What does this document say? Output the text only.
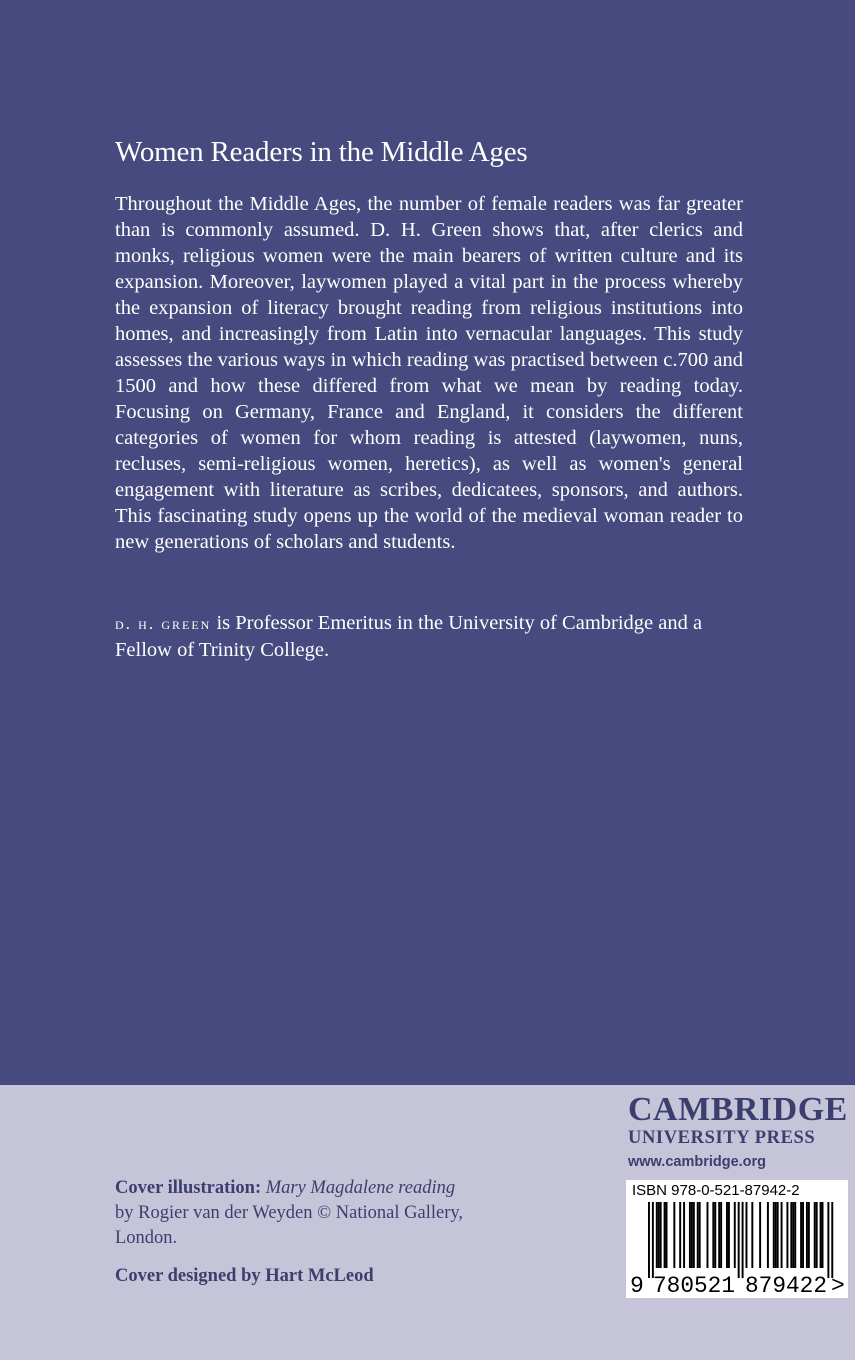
Women Readers in the Middle Ages

Throughout the Middle Ages, the number of female readers was far greater than is commonly assumed. D. H. Green shows that, after clerics and monks, religious women were the main bearers of written culture and its expansion. Moreover, laywomen played a vital part in the process whereby the expansion of literacy brought reading from religious institutions into homes, and increasingly from Latin into vernacular languages. This study assesses the various ways in which reading was practised between c.700 and 1500 and how these differed from what we mean by reading today. Focusing on Germany, France and England, it considers the different categories of women for whom reading is attested (laywomen, nuns, recluses, semi-religious women, heretics), as well as women's general engagement with literature as scribes, dedicatees, sponsors, and authors. This fascinating study opens up the world of the medieval woman reader to new generations of scholars and students.

d. h. green is Professor Emeritus in the University of Cambridge and a Fellow of Trinity College.

Cover illustration: Mary Magdalene reading
by Rogier van der Weyden © National Gallery, London.

Cover designed by Hart McLeod

CAMBRIDGE
UNIVERSITY PRESS
www.cambridge.org
ISBN 978-0-521-87942-2
9 780521 879422 >
